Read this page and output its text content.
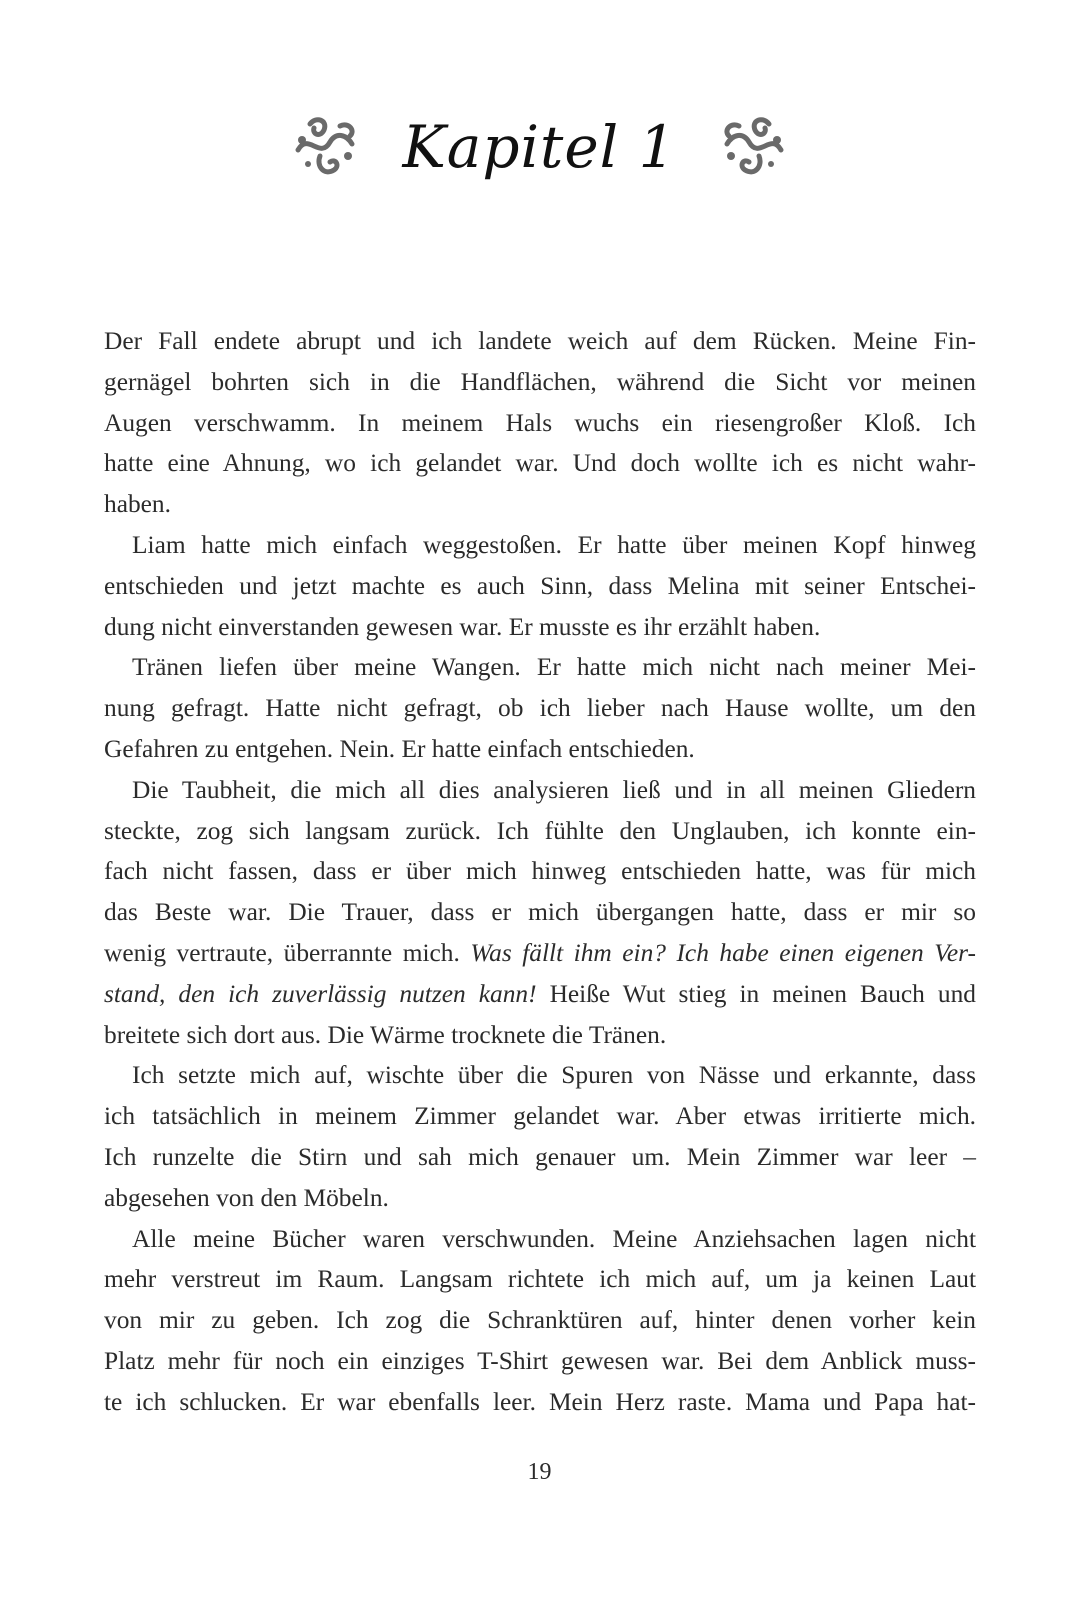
Kapitel 1
Der Fall endete abrupt und ich landete weich auf dem Rücken. Meine Fin-
gernägel bohrten sich in die Handflächen, während die Sicht vor meinen
Augen verschwamm. In meinem Hals wuchs ein riesengroßer Kloß. Ich
hatte eine Ahnung, wo ich gelandet war. Und doch wollte ich es nicht wahr-
haben.
Liam hatte mich einfach weggestoßen. Er hatte über meinen Kopf hinweg
entschieden und jetzt machte es auch Sinn, dass Melina mit seiner Entschei-
dung nicht einverstanden gewesen war. Er musste es ihr erzählt haben.
Tränen liefen über meine Wangen. Er hatte mich nicht nach meiner Mei-
nung gefragt. Hatte nicht gefragt, ob ich lieber nach Hause wollte, um den
Gefahren zu entgehen. Nein. Er hatte einfach entschieden.
Die Taubheit, die mich all dies analysieren ließ und in all meinen Gliedern
steckte, zog sich langsam zurück. Ich fühlte den Unglauben, ich konnte ein-
fach nicht fassen, dass er über mich hinweg entschieden hatte, was für mich
das Beste war. Die Trauer, dass er mich übergangen hatte, dass er mir so
wenig vertraute, überrannte mich. Was fällt ihm ein? Ich habe einen eigenen Ver-
stand, den ich zuverlässig nutzen kann! Heiße Wut stieg in meinen Bauch und
breitete sich dort aus. Die Wärme trocknete die Tränen.
Ich setzte mich auf, wischte über die Spuren von Nässe und erkannte, dass
ich tatsächlich in meinem Zimmer gelandet war. Aber etwas irritierte mich.
Ich runzelte die Stirn und sah mich genauer um. Mein Zimmer war leer –
abgesehen von den Möbeln.
Alle meine Bücher waren verschwunden. Meine Anziehsachen lagen nicht
mehr verstreut im Raum. Langsam richtete ich mich auf, um ja keinen Laut
von mir zu geben. Ich zog die Schranktüren auf, hinter denen vorher kein
Platz mehr für noch ein einziges T-Shirt gewesen war. Bei dem Anblick muss-
te ich schlucken. Er war ebenfalls leer. Mein Herz raste. Mama und Papa hat-
19
